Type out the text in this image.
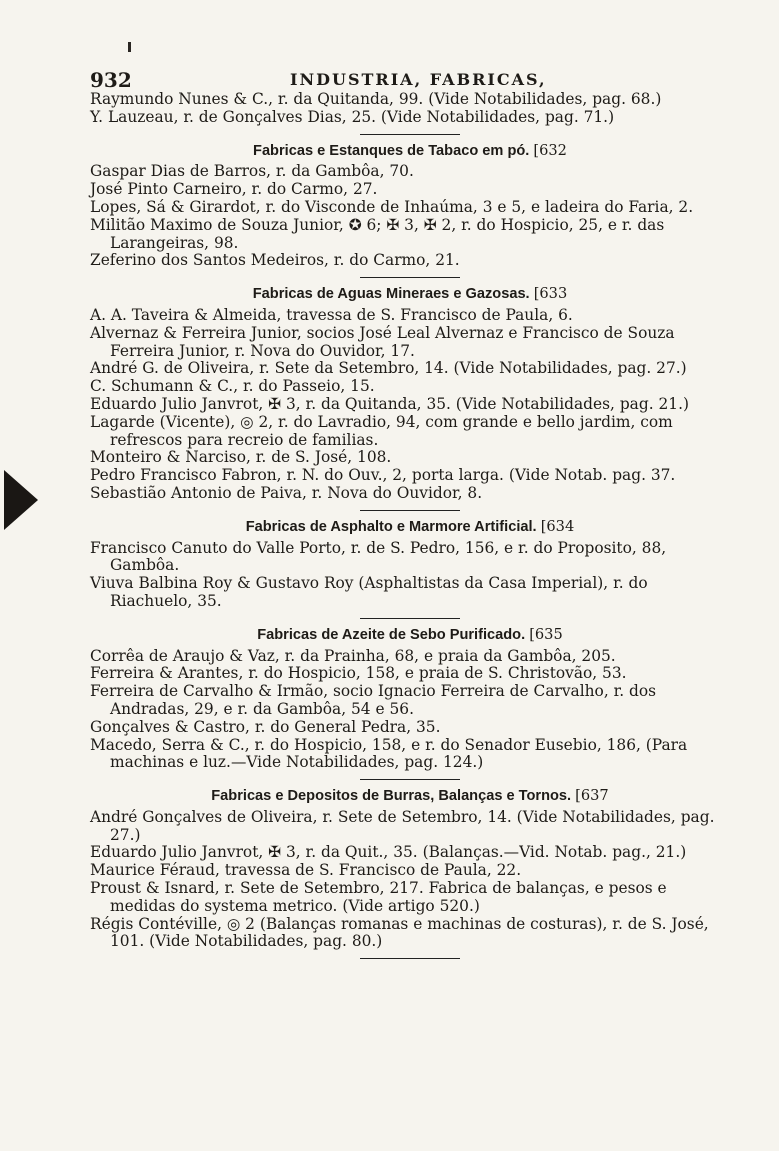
932	INDUSTRIA, FABRICAS,
Raymundo Nunes & C., r. da Quitanda, 99. (Vide Notabilidades, pag. 68.)
Y. Lauzeau, r. de Gonçalves Dias, 25. (Vide Notabilidades, pag. 71.)
Fabricas e Estanques de Tabaco em pó. [632
Gaspar Dias de Barros, r. da Gambôa, 70.
José Pinto Carneiro, r. do Carmo, 27.
Lopes, Sá & Girardot, r. do Visconde de Inhaúma, 3 e 5, e ladeira do Faria, 2.
Militão Maximo de Souza Junior, ✪ 6; ✠ 3, ✠ 2, r. do Hospicio, 25, e r. das Larangeiras, 98.
Zeferino dos Santos Medeiros, r. do Carmo, 21.
Fabricas de Aguas Mineraes e Gazosas. [633
A. A. Taveira & Almeida, travessa de S. Francisco de Paula, 6.
Alvernaz & Ferreira Junior, socios José Leal Alvernaz e Francisco de Souza Ferreira Junior, r. Nova do Ouvidor, 17.
André G. de Oliveira, r. Sete da Setembro, 14. (Vide Notabilidades, pag. 27.)
C. Schumann & C., r. do Passeio, 15.
Eduardo Julio Janvrot, ✠ 3, r. da Quitanda, 35. (Vide Notabilidades, pag. 21.)
Lagarde (Vicente), ◎ 2, r. do Lavradio, 94, com grande e bello jardim, com refrescos para recreio de familias.
Monteiro & Narciso, r. de S. José, 108.
Pedro Francisco Fabron, r. N. do Ouv., 2, porta larga. (Vide Notab. pag. 37.
Sebastião Antonio de Paiva, r. Nova do Ouvidor, 8.
Fabricas de Asphalto e Marmore Artificial. [634
Francisco Canuto do Valle Porto, r. de S. Pedro, 156, e r. do Proposito, 88, Gambôa.
Viuva Balbina Roy & Gustavo Roy (Asphaltistas da Casa Imperial), r. do Riachuelo, 35.
Fabricas de Azeite de Sebo Purificado. [635
Corrêa de Araujo & Vaz, r. da Prainha, 68, e praia da Gambôa, 205.
Ferreira & Arantes, r. do Hospicio, 158, e praia de S. Christovão, 53.
Ferreira de Carvalho & Irmão, socio Ignacio Ferreira de Carvalho, r. dos Andradas, 29, e r. da Gambôa, 54 e 56.
Gonçalves & Castro, r. do General Pedra, 35.
Macedo, Serra & C., r. do Hospicio, 158, e r. do Senador Eusebio, 186, (Para machinas e luz.—Vide Notabilidades, pag. 124.)
Fabricas e Depositos de Burras, Balanças e Tornos. [637
André Gonçalves de Oliveira, r. Sete de Setembro, 14. (Vide Notabilidades, pag. 27.)
Eduardo Julio Janvrot, ✠ 3, r. da Quit., 35. (Balanças.—Vid. Notab. pag., 21.)
Maurice Féraud, travessa de S. Francisco de Paula, 22.
Proust & Isnard, r. Sete de Setembro, 217. Fabrica de balanças, e pesos e medidas do systema metrico. (Vide artigo 520.)
Régis Contéville, ◎ 2 (Balanças romanas e machinas de costuras), r. de S. José, 101. (Vide Notabilidades, pag. 80.)
